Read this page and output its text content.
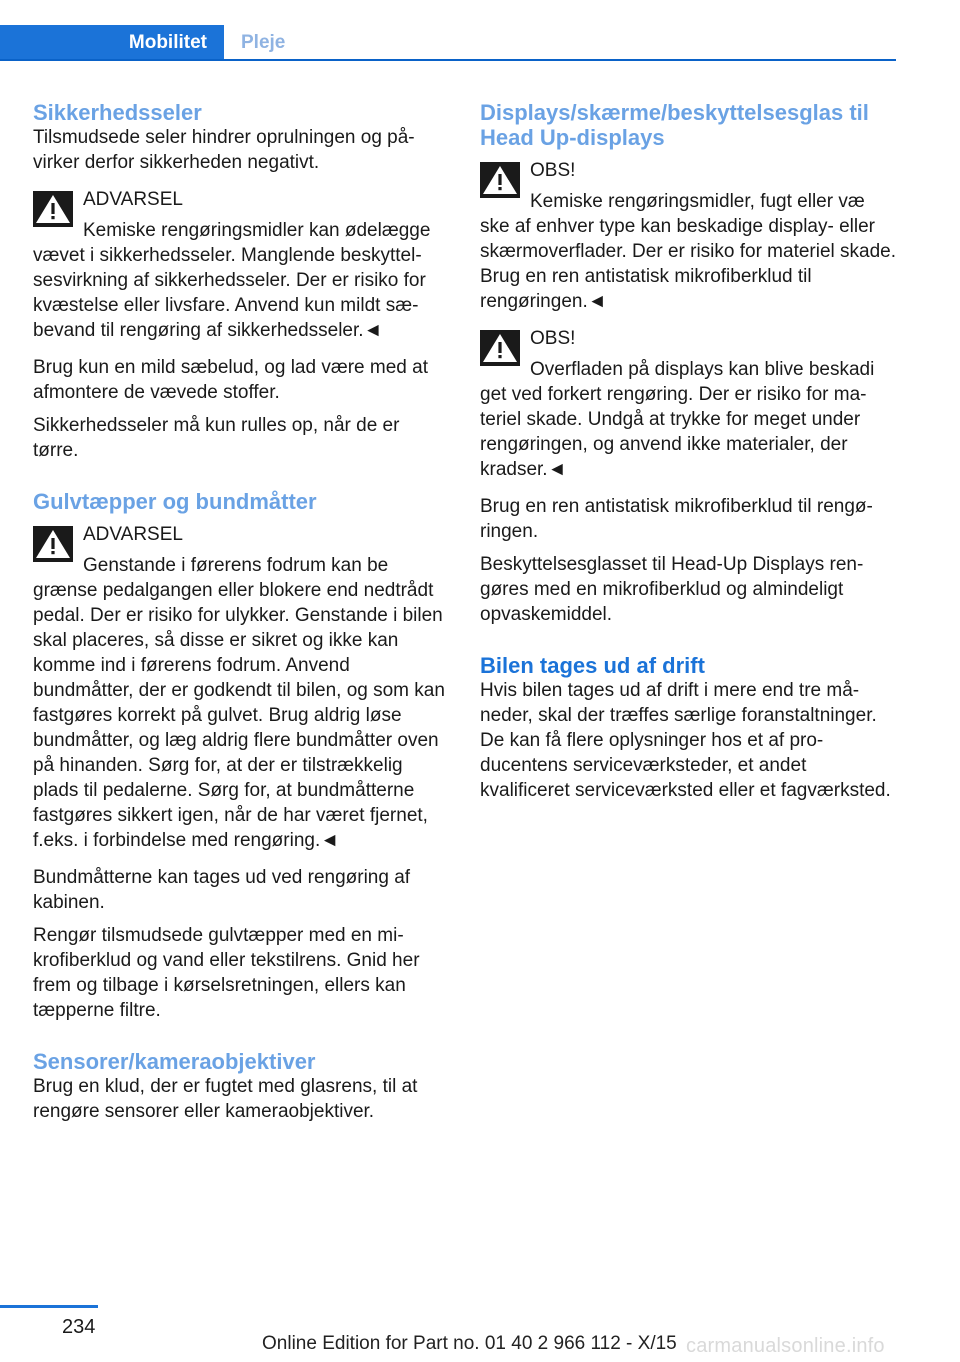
Mobilitet	Pleje
Sikkerhedsseler

Tilsmudsede seler hindrer oprulningen og påvirker derfor sikkerheden negativt.

ADVARSEL

Kemiske rengøringsmidler kan ødelægge

vævet i sikkerhedsseler. Manglende beskyttelsesvirkning af sikkerhedsseler. Der er risiko for kvæstelse eller livsfare. Anvend kun mildt sæbevand til rengøring af sikkerhedsseler.◄

Brug kun en mild sæbelud, og lad være med at afmontere de vævede stoffer.

Sikkerhedsseler må kun rulles op, når de er tørre.

Gulvtæpper og bundmåtter

ADVARSEL

Genstande i førerens fodrum kan be

grænse pedalgangen eller blokere end nedtrådt pedal. Der er risiko for ulykker. Genstande i bilen skal placeres, så disse er sikret og ikke kan komme ind i førerens fodrum. Anvend bundmåtter, der er godkendt til bilen, og som kan fastgøres korrekt på gulvet. Brug aldrig løse bundmåtter, og læg aldrig flere bundmåtter oven på hinanden. Sørg for, at der er tilstrækkelig plads til pedalerne. Sørg for, at bundmåtterne fastgøres sikkert igen, når de har været fjernet, f.eks. i forbindelse med rengøring.◄

Bundmåtterne kan tages ud ved rengøring af kabinen.

Rengør tilsmudsede gulvtæpper med en mikrofiberklud og vand eller tekstilrens. Gnid her frem og tilbage i kørselsretningen, ellers kan tæpperne filtre.

Sensorer/kameraobjektiver

Brug en klud, der er fugtet med glasrens, til at rengøre sensorer eller kameraobjektiver.

Displays/skærme/beskyttelsesglas til Head Up-displays

OBS!

Kemiske rengøringsmidler, fugt eller væ

ske af enhver type kan beskadige display- eller skærmoverflader. Der er risiko for materiel skade. Brug en ren antistatisk mikrofiberklud til rengøringen.◄

OBS!

Overfladen på displays kan blive beskadi

get ved forkert rengøring. Der er risiko for materiel skade. Undgå at trykke for meget under rengøringen, og anvend ikke materialer, der kradser.◄

Brug en ren antistatisk mikrofiberklud til rengøringen.

Beskyttelsesglasset til Head-Up Displays rengøres med en mikrofiberklud og almindeligt opvaskemiddel.

Bilen tages ud af drift

Hvis bilen tages ud af drift i mere end tre måneder, skal der træffes særlige foranstaltninger. De kan få flere oplysninger hos et af producentens serviceværksteder, et andet kvalificeret serviceværksted eller et fagværksted.

234
Online Edition for Part no. 01 40 2 966 112 - X/15 carmanualsonline.info
